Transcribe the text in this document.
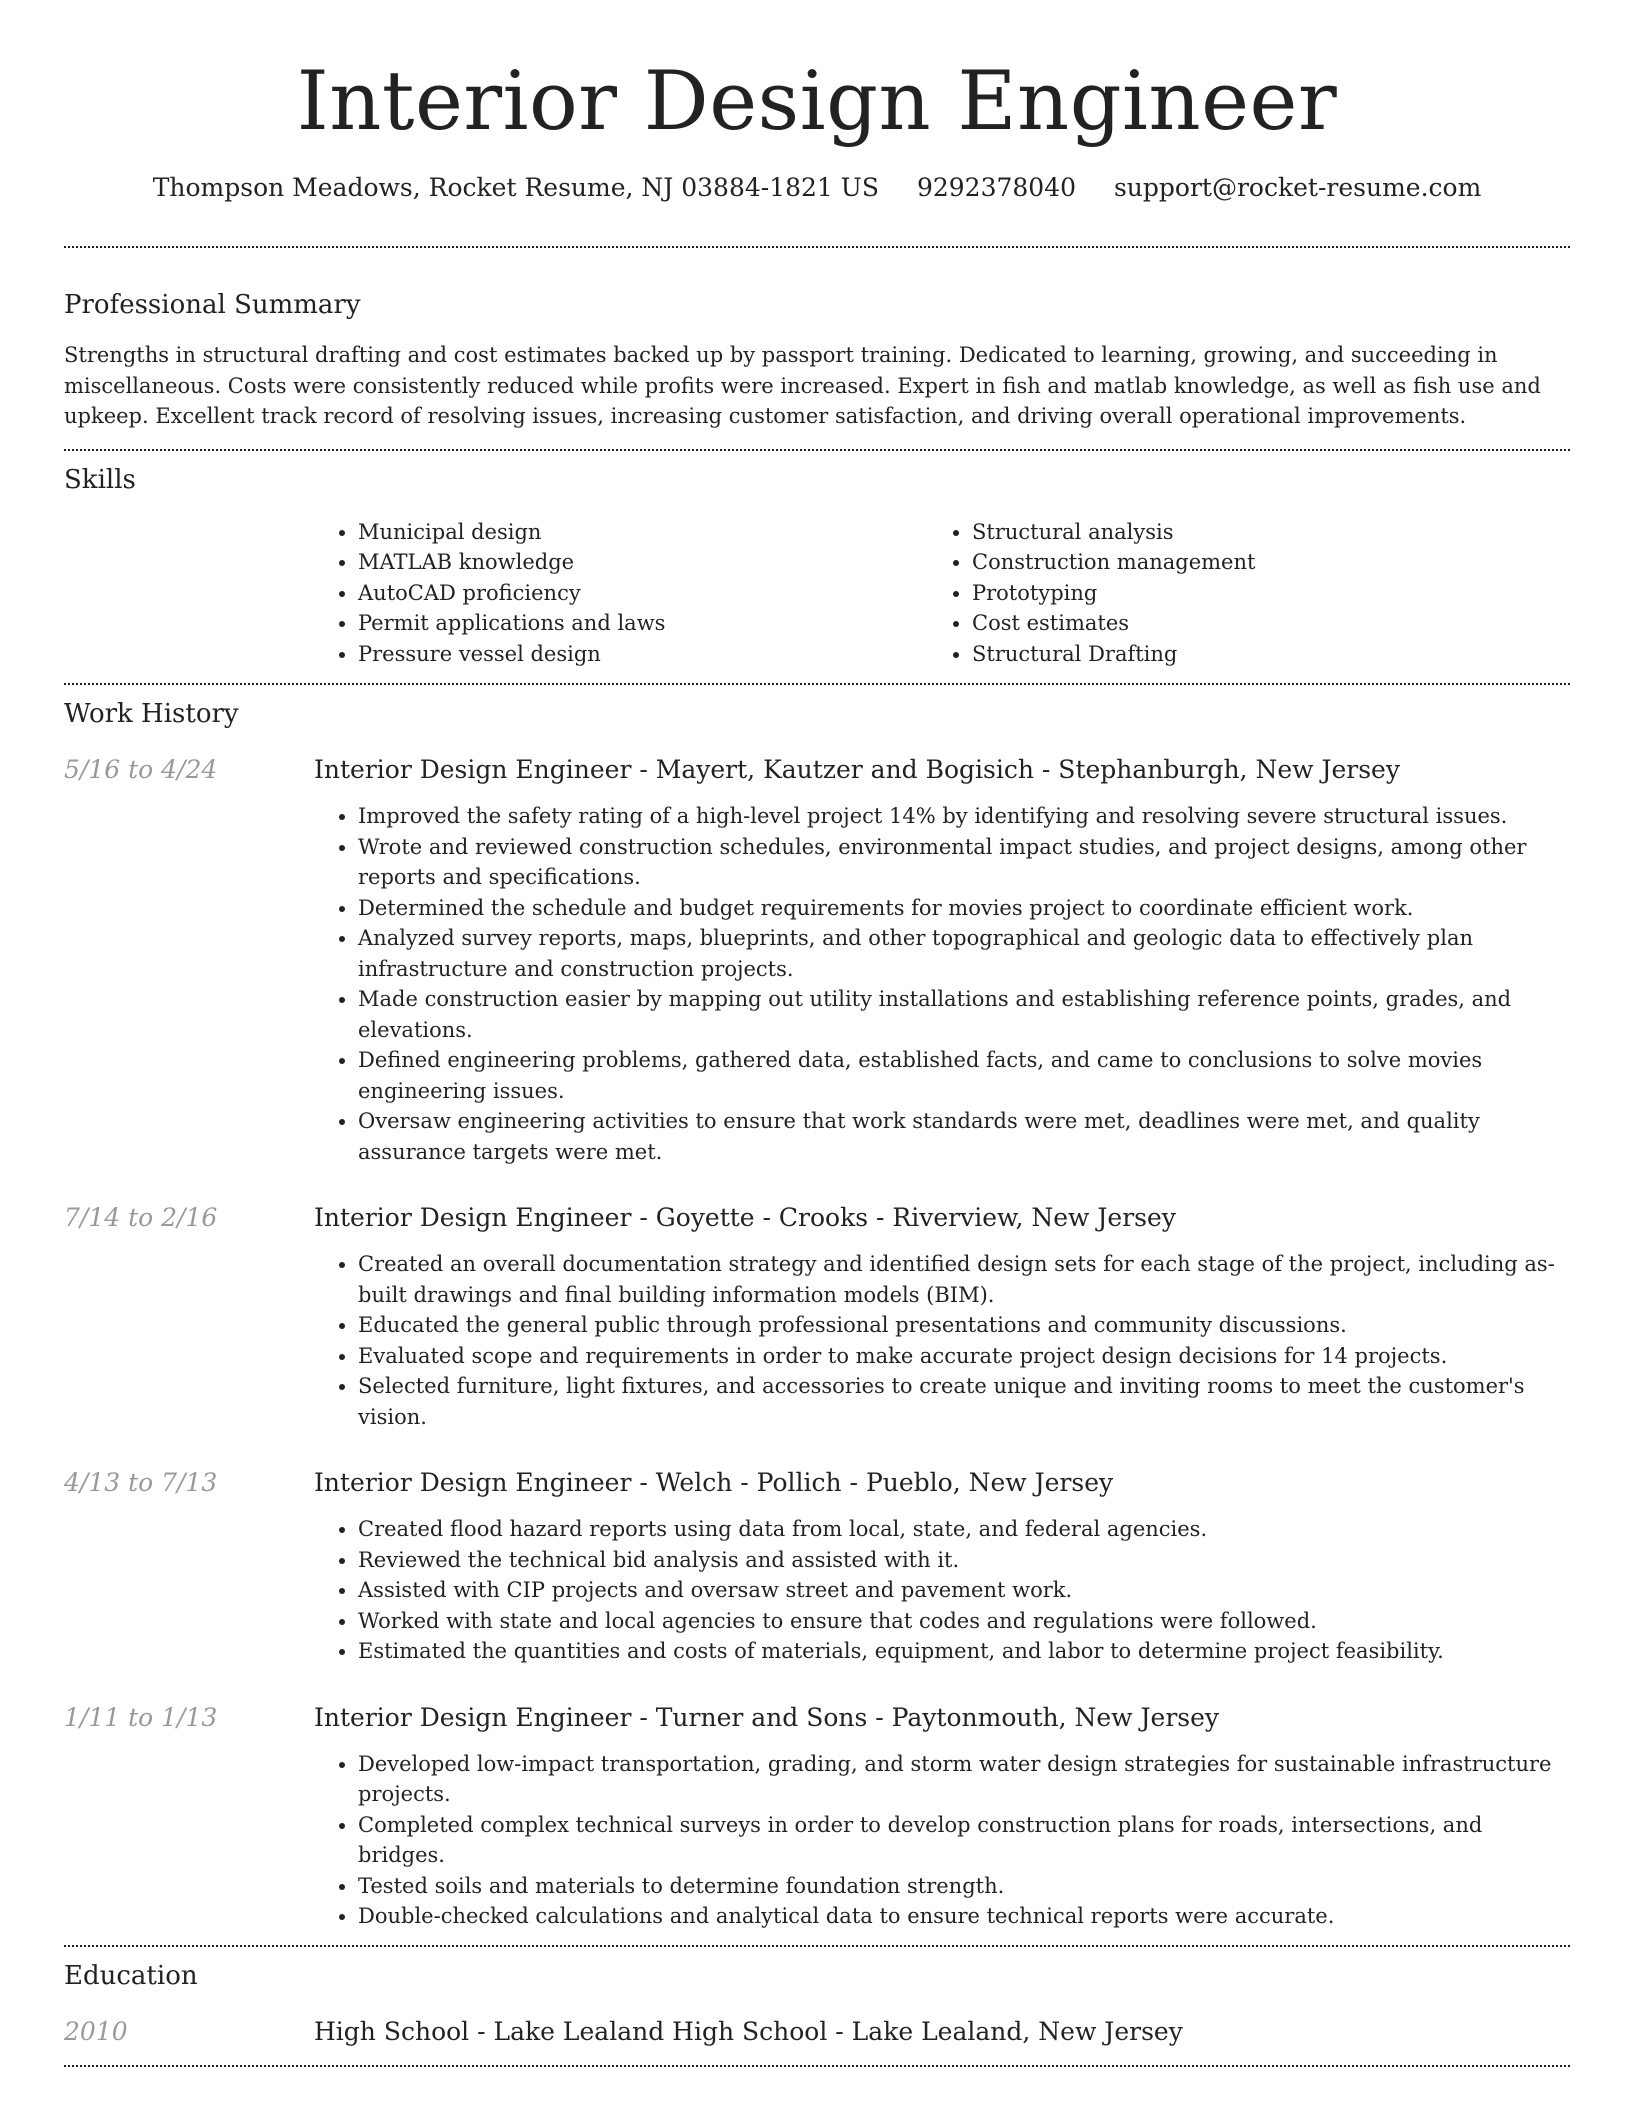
Interior Design Engineer
Thompson Meadows, Rocket Resume, NJ 03884-1821 US 9292378040 support@rocket-resume.com
Professional Summary

Strengths in structural drafting and cost estimates backed up by passport training. Dedicated to learning, growing, and succeeding in miscellaneous. Costs were consistently reduced while profits were increased. Expert in fish and matlab knowledge, as well as fish use and upkeep. Excellent track record of resolving issues, increasing customer satisfaction, and driving overall operational improvements.

Skills
• Municipal design
• MATLAB knowledge
• AutoCAD proficiency
• Permit applications and laws
• Pressure vessel design
• Structural analysis
• Construction management
• Prototyping
• Cost estimates
• Structural Drafting
Work History
5/16 to 4/24	Interior Design Engineer - Mayert, Kautzer and Bogisich - Stephanburgh, New Jersey
• Improved the safety rating of a high-level project 14% by identifying and resolving severe structural issues.
• Wrote and reviewed construction schedules, environmental impact studies, and project designs, among other reports and specifications.
• Determined the schedule and budget requirements for movies project to coordinate efficient work.
• Analyzed survey reports, maps, blueprints, and other topographical and geologic data to effectively plan infrastructure and construction projects.
• Made construction easier by mapping out utility installations and establishing reference points, grades, and elevations.
• Defined engineering problems, gathered data, established facts, and came to conclusions to solve movies engineering issues.
• Oversaw engineering activities to ensure that work standards were met, deadlines were met, and quality assurance targets were met.
7/14 to 2/16	Interior Design Engineer - Goyette - Crooks - Riverview, New Jersey
• Created an overall documentation strategy and identified design sets for each stage of the project, including as-built drawings and final building information models (BIM).
• Educated the general public through professional presentations and community discussions.
• Evaluated scope and requirements in order to make accurate project design decisions for 14 projects.
• Selected furniture, light fixtures, and accessories to create unique and inviting rooms to meet the customer's vision.
4/13 to 7/13	Interior Design Engineer - Welch - Pollich - Pueblo, New Jersey
• Created flood hazard reports using data from local, state, and federal agencies.
• Reviewed the technical bid analysis and assisted with it.
• Assisted with CIP projects and oversaw street and pavement work.
• Worked with state and local agencies to ensure that codes and regulations were followed.
• Estimated the quantities and costs of materials, equipment, and labor to determine project feasibility.
1/11 to 1/13	Interior Design Engineer - Turner and Sons - Paytonmouth, New Jersey
• Developed low-impact transportation, grading, and storm water design strategies for sustainable infrastructure projects.
• Completed complex technical surveys in order to develop construction plans for roads, intersections, and bridges.
• Tested soils and materials to determine foundation strength.
• Double-checked calculations and analytical data to ensure technical reports were accurate.
Education
2010	High School - Lake Lealand High School - Lake Lealand, New Jersey
